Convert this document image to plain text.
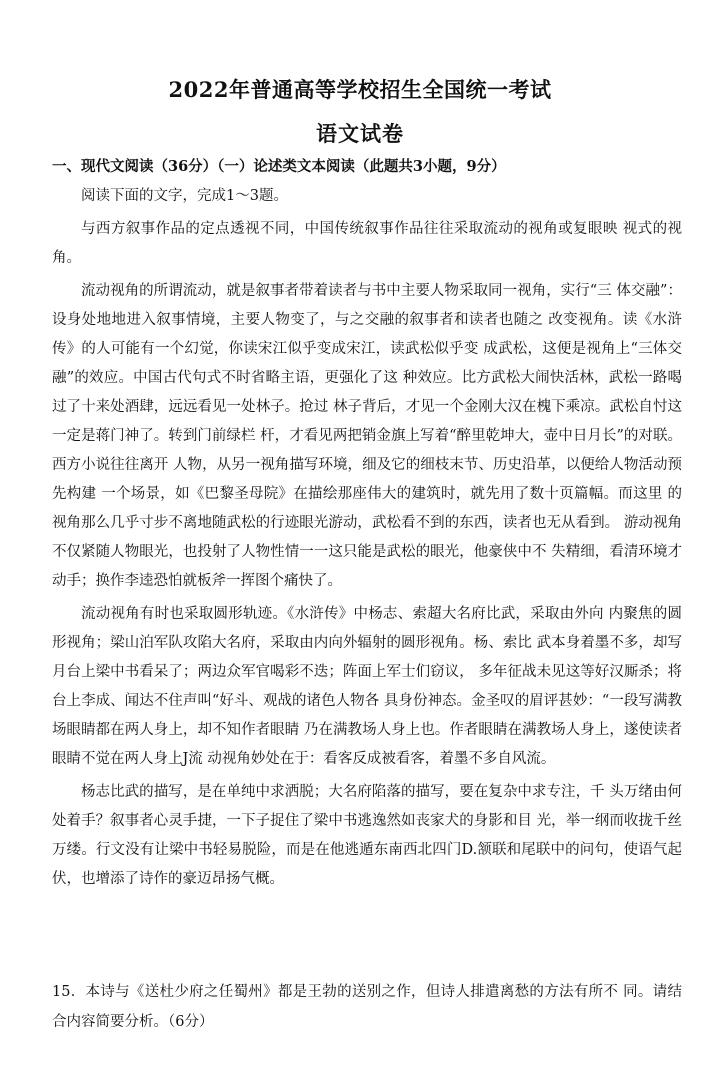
2022年普通高等学校招生全国统一考试
语文试卷

一、现代文阅读（36分）（一）论述类文本阅读（此题共3小题，9分）

阅读下面的文字，完成1～3题。

与西方叙事作品的定点透视不同，中国传统叙事作品往往采取流动的视角或复眼映 视式的视角。

流动视角的所谓流动，就是叙事者带着读者与书中主要人物采取同一视角，实行“三 体交融”：设身处地地进入叙事情境，主要人物变了，与之交融的叙事者和读者也随之 改变视角。读《水浒传》的人可能有一个幻觉，你读宋江似乎变成宋江，读武松似乎变 成武松，这便是视角上“三体交融”的效应。中国古代句式不时省略主语，更强化了这 种效应。比方武松大闹快活林，武松一路喝过了十来处酒肆，远远看见一处林子。抢过 林子背后，才见一个金刚大汉在槐下乘凉。武松自忖这一定是蒋门神了。转到门前绿栏 杆，才看见两把销金旗上写着“醉里乾坤大，壶中日月长”的对联。西方小说往往离开 人物，从另一视角描写环境，细及它的细枝末节、历史沿革，以便给人物活动预先构建 一个场景，如《巴黎圣母院》在描绘那座伟大的建筑时，就先用了数十页篇幅。而这里 的视角那么几乎寸步不离地随武松的行迹眼光游动，武松看不到的东西，读者也无从看到。 游动视角不仅紧随人物眼光，也投射了人物性情一一这只能是武松的眼光，他豪侠中不 失精细，看清环境才动手；换作李逵恐怕就板斧一挥图个痛快了。

流动视角有时也采取圆形轨迹。《水浒传》中杨志、索超大名府比武，采取由外向 内聚焦的圆形视角；梁山泊军队攻陷大名府，采取由内向外辐射的圆形视角。杨、索比 武本身着墨不多，却写月台上梁中书看呆了；两边众军官喝彩不迭；阵面上军士们窃议， 多年征战未见这等好汉厮杀；将台上李成、闻达不住声叫“好斗、观战的诸色人物各 具身份神态。金圣叹的眉评甚妙：“一段写满教场眼睛都在两人身上，却不知作者眼睛 乃在满教场人身上也。作者眼睛在满教场人身上，遂使读者眼睛不觉在两人身上J流 动视角妙处在于：看客反成被看客，着墨不多自风流。

杨志比武的描写，是在单纯中求洒脱；大名府陷落的描写，要在复杂中求专注，千 头万绪由何处着手？叙事者心灵手捷，一下子捉住了梁中书逃逸然如丧家犬的身影和目 光，举一纲而收拢千丝万缕。行文没有让梁中书轻易脱险，而是在他逃遁东南西北四门D.颔联和尾联中的问句，使语气起伏，也增添了诗作的豪迈昂扬气概。

15．本诗与《送杜少府之任蜀州》都是王勃的送别之作，但诗人排遣离愁的方法有所不 同。请结合内容简要分析。（6分）
